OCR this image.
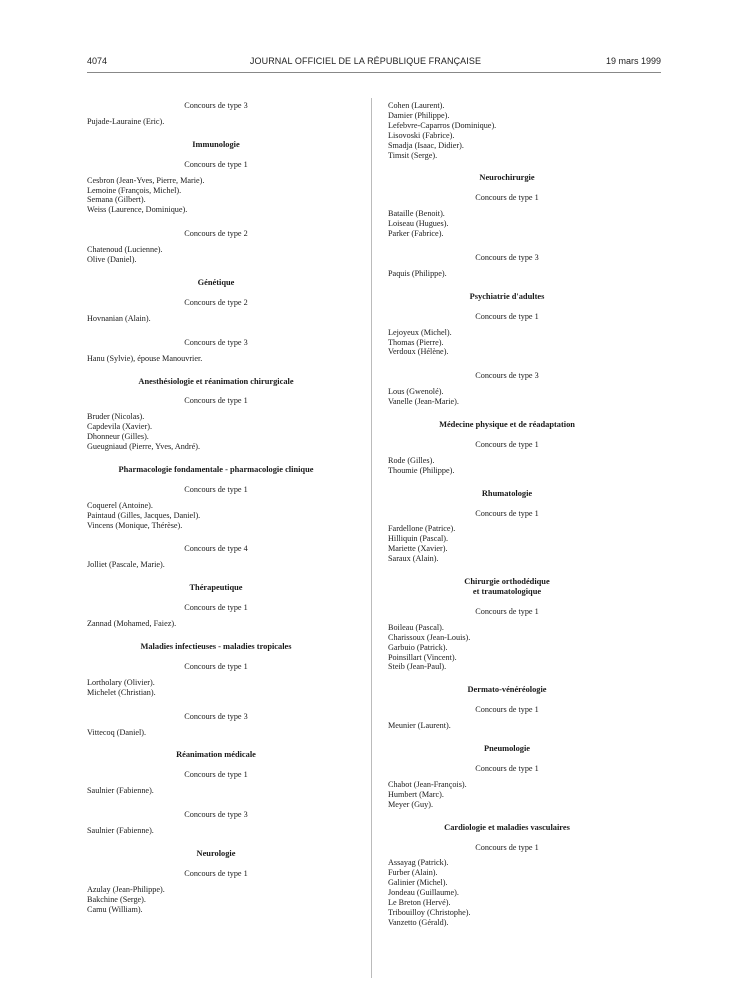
4074	JOURNAL OFFICIEL DE LA RÉPUBLIQUE FRANÇAISE	19 mars 1999

Concours de type 3

Pujade-Lauraine (Eric).

Immunologie

Concours de type 1

Cesbron (Jean-Yves, Pierre, Marie).
Lemoine (François, Michel).
Semana (Gilbert).
Weiss (Laurence, Dominique).

Concours de type 2

Chatenoud (Lucienne).
Olive (Daniel).

Génétique

Concours de type 2

Hovnanian (Alain).

Concours de type 3

Hanu (Sylvie), épouse Manouvrier.

Anesthésiologie et réanimation chirurgicale

Concours de type 1

Bruder (Nicolas).
Capdevila (Xavier).
Dhonneur (Gilles).
Gueugniaud (Pierre, Yves, André).

Pharmacologie fondamentale - pharmacologie clinique

Concours de type 1

Coquerel (Antoine).
Paintaud (Gilles, Jacques, Daniel).
Vincens (Monique, Thérèse).

Concours de type 4

Jolliet (Pascale, Marie).

Thérapeutique

Concours de type 1

Zannad (Mohamed, Faiez).

Maladies infectieuses - maladies tropicales

Concours de type 1

Lortholary (Olivier).
Michelet (Christian).

Concours de type 3

Vittecoq (Daniel).

Réanimation médicale

Concours de type 1

Saulnier (Fabienne).

Concours de type 3

Saulnier (Fabienne).

Neurologie

Concours de type 1

Azulay (Jean-Philippe).
Bakchine (Serge).
Camu (William).
Cohen (Laurent).
Damier (Philippe).
Lefebvre-Caparros (Dominique).
Lisovoski (Fabrice).
Smadja (Isaac, Didier).
Timsit (Serge).

Neurochirurgie

Concours de type 1

Bataille (Benoit).
Loiseau (Hugues).
Parker (Fabrice).

Concours de type 3

Paquis (Philippe).

Psychiatrie d'adultes

Concours de type 1

Lejoyeux (Michel).
Thomas (Pierre).
Verdoux (Hélène).

Concours de type 3

Lous (Gwenolé).
Vanelle (Jean-Marie).

Médecine physique et de réadaptation

Concours de type 1

Rode (Gilles).
Thoumie (Philippe).

Rhumatologie

Concours de type 1

Fardellone (Patrice).
Hilliquin (Pascal).
Mariette (Xavier).
Saraux (Alain).

Chirurgie orthodédique

et traumatologique

Concours de type 1

Boileau (Pascal).
Charissoux (Jean-Louis).
Garbuio (Patrick).
Poinsillart (Vincent).
Steib (Jean-Paul).

Dermato-vénéréologie

Concours de type 1

Meunier (Laurent).

Pneumologie

Concours de type 1

Chabot (Jean-François).
Humbert (Marc).
Meyer (Guy).

Cardiologie et maladies vasculaires

Concours de type 1

Assayag (Patrick).
Furber (Alain).
Galinier (Michel).
Jondeau (Guillaume).
Le Breton (Hervé).
Tribouilloy (Christophe).
Vanzetto (Gérald).
